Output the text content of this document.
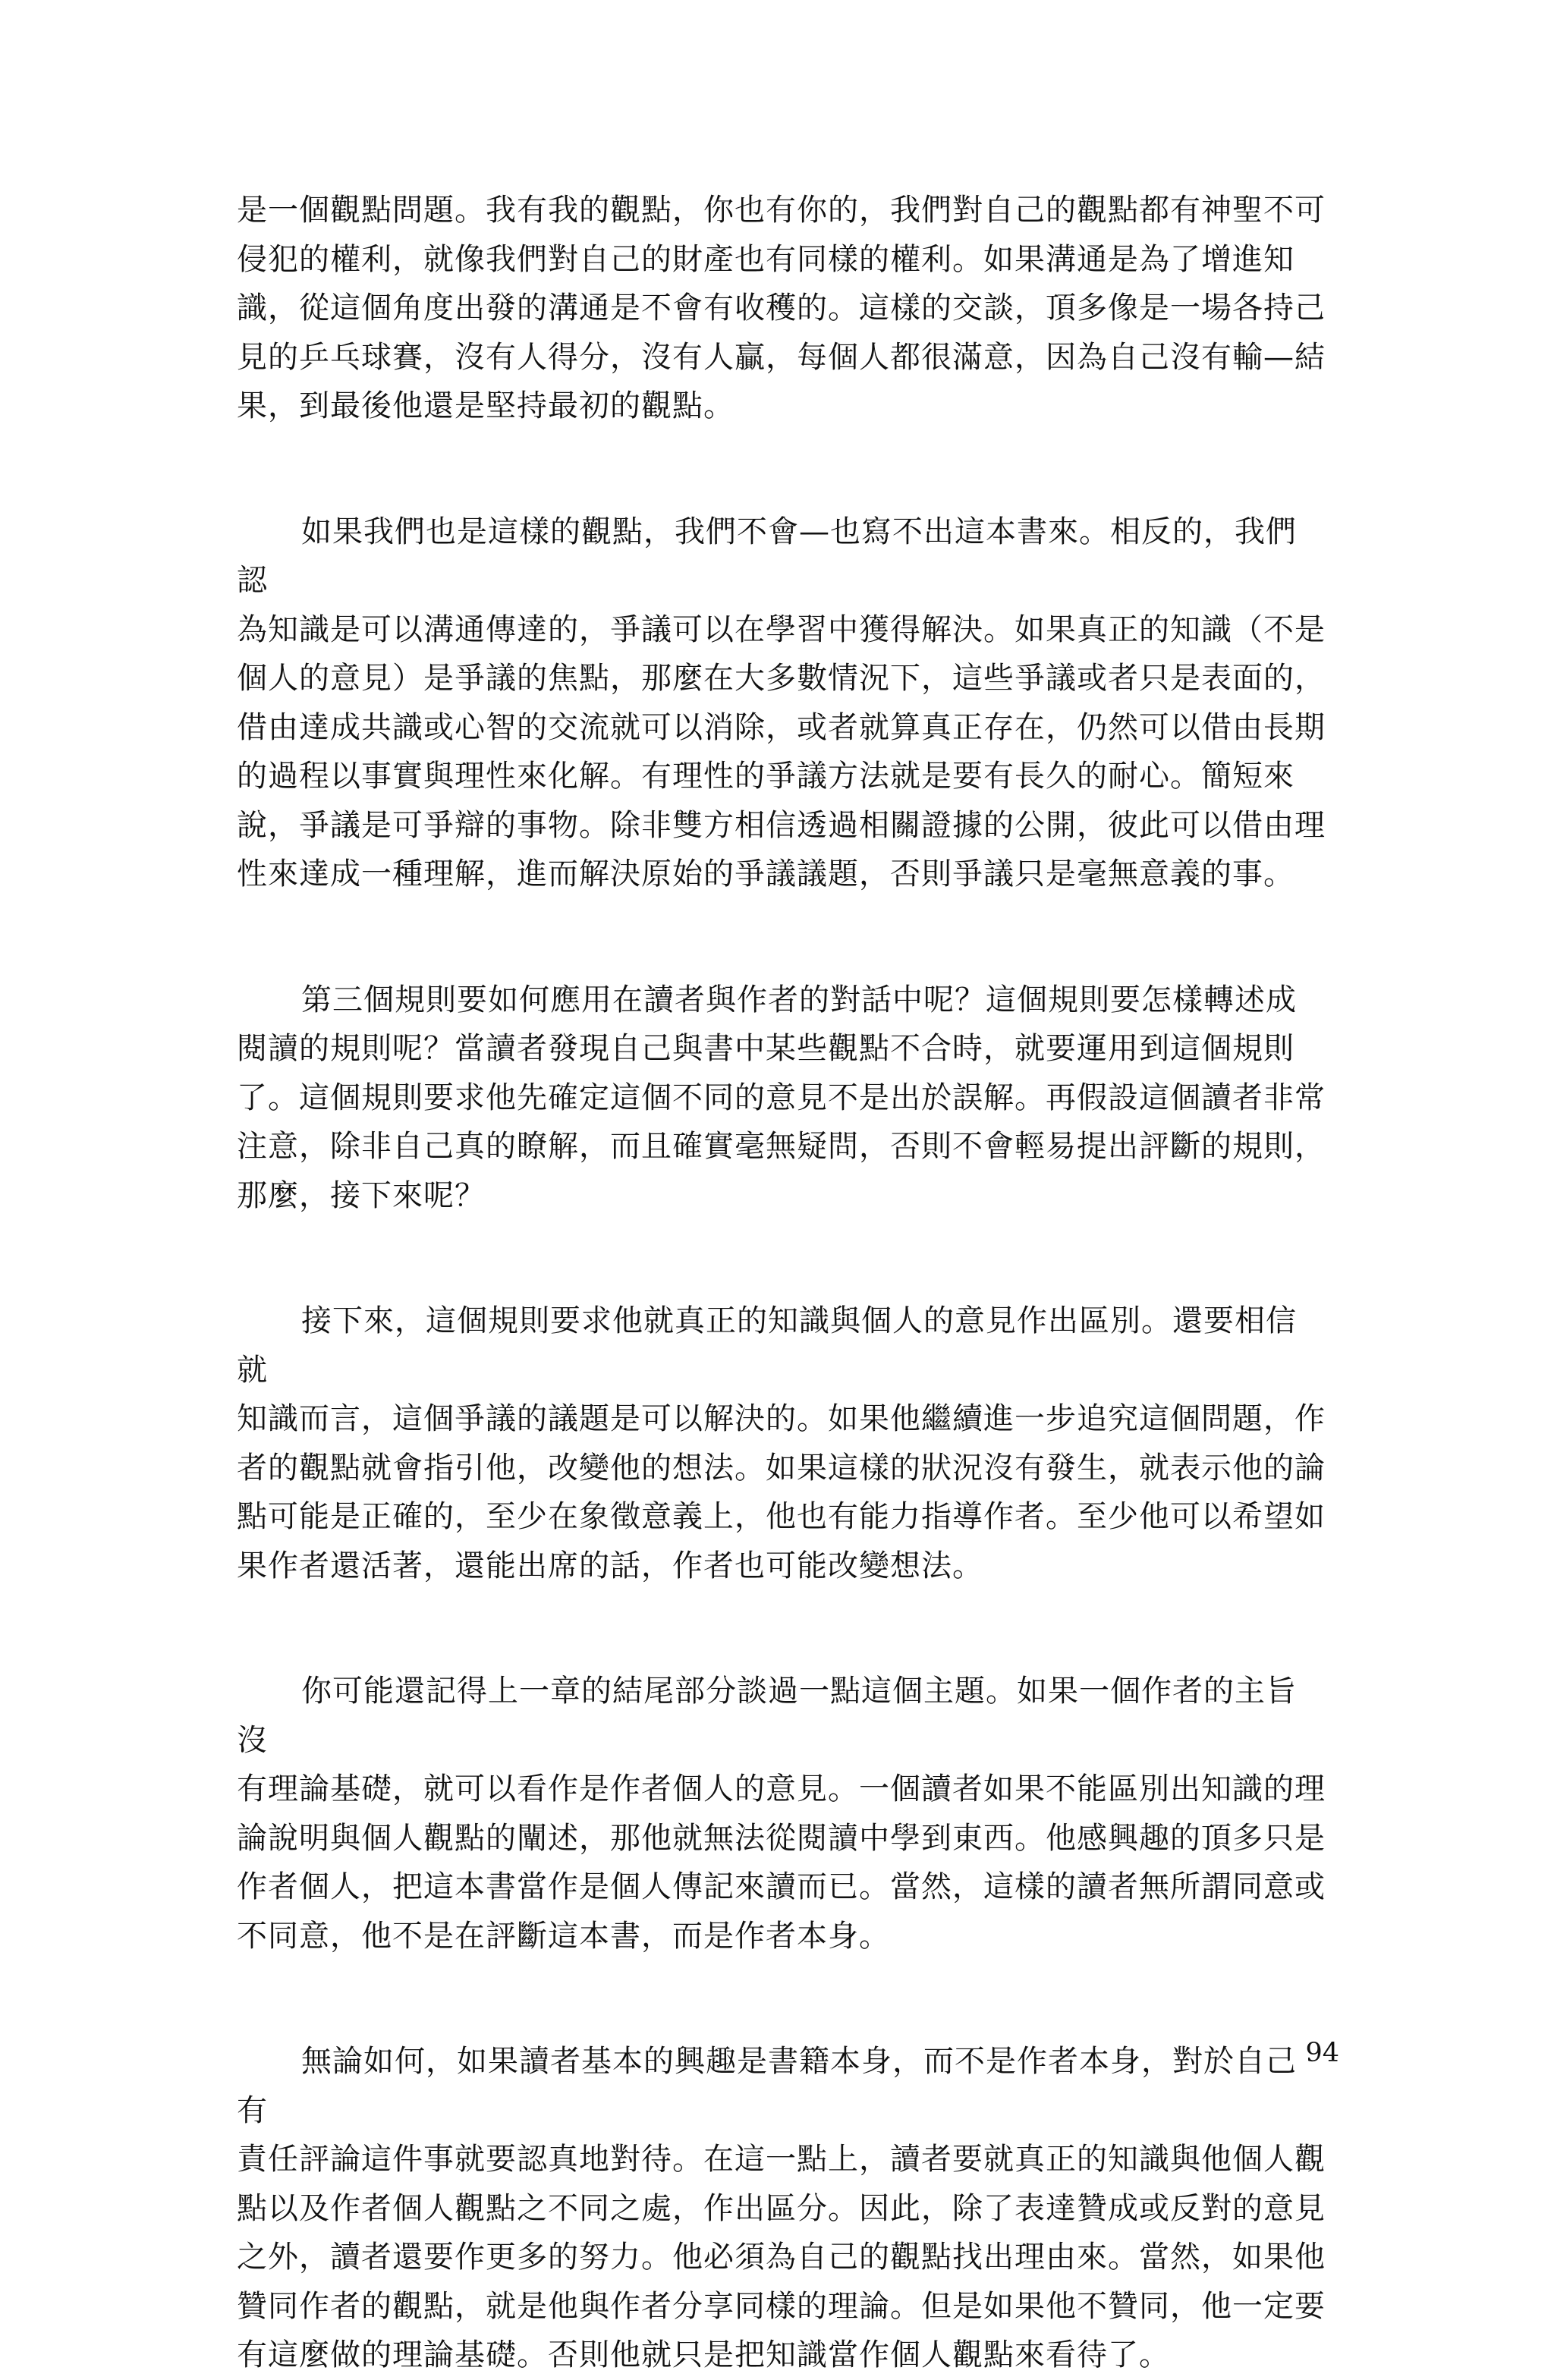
是一個觀點問題。我有我的觀點，你也有你的，我們對自己的觀點都有神聖不可
侵犯的權利，就像我們對自己的財產也有同樣的權利。如果溝通是為了增進知
識，從這個角度出發的溝通是不會有收穫的。這樣的交談，頂多像是一場各持己
見的乒乓球賽，沒有人得分，沒有人贏，每個人都很滿意，因為自己沒有輸—結
果，到最後他還是堅持最初的觀點。

如果我們也是這樣的觀點，我們不會—也寫不出這本書來。相反的，我們認
為知識是可以溝通傳達的，爭議可以在學習中獲得解決。如果真正的知識（不是
個人的意見）是爭議的焦點，那麼在大多數情況下，這些爭議或者只是表面的，
借由達成共識或心智的交流就可以消除，或者就算真正存在，仍然可以借由長期
的過程以事實與理性來化解。有理性的爭議方法就是要有長久的耐心。簡短來
說，爭議是可爭辯的事物。除非雙方相信透過相關證據的公開，彼此可以借由理
性來達成一種理解，進而解決原始的爭議議題，否則爭議只是毫無意義的事。

第三個規則要如何應用在讀者與作者的對話中呢？這個規則要怎樣轉述成
閱讀的規則呢？當讀者發現自己與書中某些觀點不合時，就要運用到這個規則
了。這個規則要求他先確定這個不同的意見不是出於誤解。再假設這個讀者非常
注意，除非自己真的瞭解，而且確實毫無疑問，否則不會輕易提出評斷的規則，
那麼，接下來呢？

接下來，這個規則要求他就真正的知識與個人的意見作出區別。還要相信就
知識而言，這個爭議的議題是可以解決的。如果他繼續進一步追究這個問題，作
者的觀點就會指引他，改變他的想法。如果這樣的狀況沒有發生，就表示他的論
點可能是正確的，至少在象徵意義上，他也有能力指導作者。至少他可以希望如
果作者還活著，還能出席的話，作者也可能改變想法。

你可能還記得上一章的結尾部分談過一點這個主題。如果一個作者的主旨沒
有理論基礎，就可以看作是作者個人的意見。一個讀者如果不能區別出知識的理
論說明與個人觀點的闡述，那他就無法從閱讀中學到東西。他感興趣的頂多只是
作者個人，把這本書當作是個人傳記來讀而已。當然，這樣的讀者無所謂同意或
不同意，他不是在評斷這本書，而是作者本身。

無論如何，如果讀者基本的興趣是書籍本身，而不是作者本身，對於自己有
責任評論這件事就要認真地對待。在這一點上，讀者要就真正的知識與他個人觀
點以及作者個人觀點之不同之處，作出區分。因此，除了表達贊成或反對的意見
之外，讀者還要作更多的努力。他必須為自己的觀點找出理由來。當然，如果他
贊同作者的觀點，就是他與作者分享同樣的理論。但是如果他不贊同，他一定要
有這麼做的理論基礎。否則他就只是把知識當作個人觀點來看待了。

94
